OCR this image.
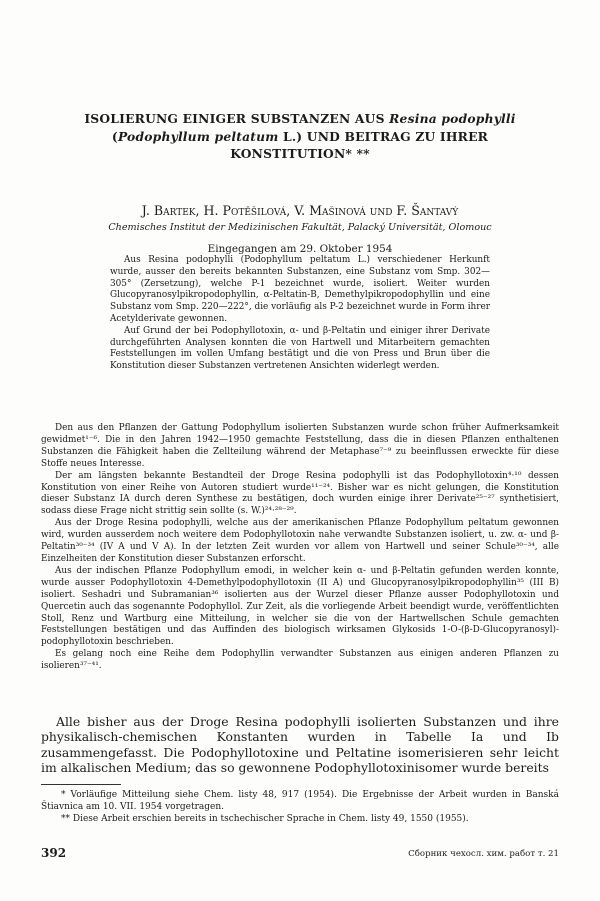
ISOLIERUNG EINIGER SUBSTANZEN AUS Resina podophylli
(Podophyllum peltatum L.) UND BEITRAG ZU IHRER KONSTITUTION* **
J. Bartek, H. Potěšilová, V. Mašinová und F. Šantavý
Chemisches Institut der Medizinischen Fakultät, Palacký Universität, Olomouc
Eingegangen am 29. Oktober 1954

Aus Resina podophylli (Podophyllum peltatum L.) verschiedener Herkunft wurde, ausser den bereits bekannten Substanzen, eine Substanz vom Smp. 302—305° (Zersetzung), welche P-1 bezeichnet wurde, isoliert. Weiter wurden Glucopyranosylpikropodophyllin, α-Peltatin-B, Demethylpikropodophyllin und eine Substanz vom Smp. 220—222°, die vorläufig als P-2 bezeichnet wurde in Form ihrer Acetylderivate gewonnen.

Auf Grund der bei Podophyllotoxin, α- und β-Peltatin und einiger ihrer Derivate durchgeführten Analysen konnten die von Hartwell und Mitarbeitern gemachten Feststellungen im vollen Umfang bestätigt und die von Press und Brun über die Konstitution dieser Substanzen vertretenen Ansichten widerlegt werden.

Den aus den Pflanzen der Gattung Podophyllum isolierten Substanzen wurde schon früher Aufmerksamkeit gewidmet¹⁻⁶. Die in den Jahren 1942—1950 gemachte Feststellung, dass die in diesen Pflanzen enthaltenen Substanzen die Fähigkeit haben die Zellteilung während der Metaphase⁷⁻⁹ zu beeinflussen erweckte für diese Stoffe neues Interesse.

Der am längsten bekannte Bestandteil der Droge Resina podophylli ist das Podophyllotoxin⁴·¹⁰ dessen Konstitution von einer Reihe von Autoren studiert wurde¹¹⁻²⁴. Bisher war es nicht gelungen, die Konstitution dieser Substanz IA durch deren Synthese zu bestätigen, doch wurden einige ihrer Derivate²⁵⁻²⁷ synthetisiert, sodass diese Frage nicht strittig sein sollte (s. W.)²⁴·²⁸⁻²⁹.

Aus der Droge Resina podophylli, welche aus der amerikanischen Pflanze Podophyllum peltatum gewonnen wird, wurden ausserdem noch weitere dem Podophyllotoxin nahe verwandte Substanzen isoliert, u. zw. α- und β-Peltatin³⁰⁻³⁴ (IV A und V A). In der letzten Zeit wurden vor allem von Hartwell und seiner Schule³⁰⁻³⁴, alle Einzelheiten der Konstitution dieser Substanzen erforscht.

Aus der indischen Pflanze Podophyllum emodi, in welcher kein α- und β-Peltatin gefunden werden konnte, wurde ausser Podophyllotoxin 4-Demethylpodophyllotoxin (II A) und Glucopyranosylpikropodophyllin³⁵ (III B) isoliert. Seshadri und Subramanian³⁶ isolierten aus der Wurzel dieser Pflanze ausser Podophyllotoxin und Quercetin auch das sogenannte Podophyllol. Zur Zeit, als die vorliegende Arbeit beendigt wurde, veröffentlichten Stoll, Renz und Wartburg eine Mitteilung, in welcher sie die von der Hartwellschen Schule gemachten Feststellungen bestätigen und das Auffinden des biologisch wirksamen Glykosids 1-O-(β-D-Glucopyranosyl)-podophyllotoxin beschrieben.

Es gelang noch eine Reihe dem Podophyllin verwandter Substanzen aus einigen anderen Pflanzen zu isolieren³⁷⁻⁴¹.

Alle bisher aus der Droge Resina podophylli isolierten Substanzen und ihre physikalisch-chemischen Konstanten wurden in Tabelle Ia und Ib zusammengefasst. Die Podophyllotoxine und Peltatine isomerisieren sehr leicht im alkalischen Medium; das so gewonnene Podophyllotoxinisomer wurde bereits

* Vorläufige Mitteilung siehe Chem. listy 48, 917 (1954). Die Ergebnisse der Arbeit wurden in Banská Štiavnica am 10. VII. 1954 vorgetragen.

** Diese Arbeit erschien bereits in tschechischer Sprache in Chem. listy 49, 1550 (1955).

392	Сборник чехосл. хим. работ т. 21
